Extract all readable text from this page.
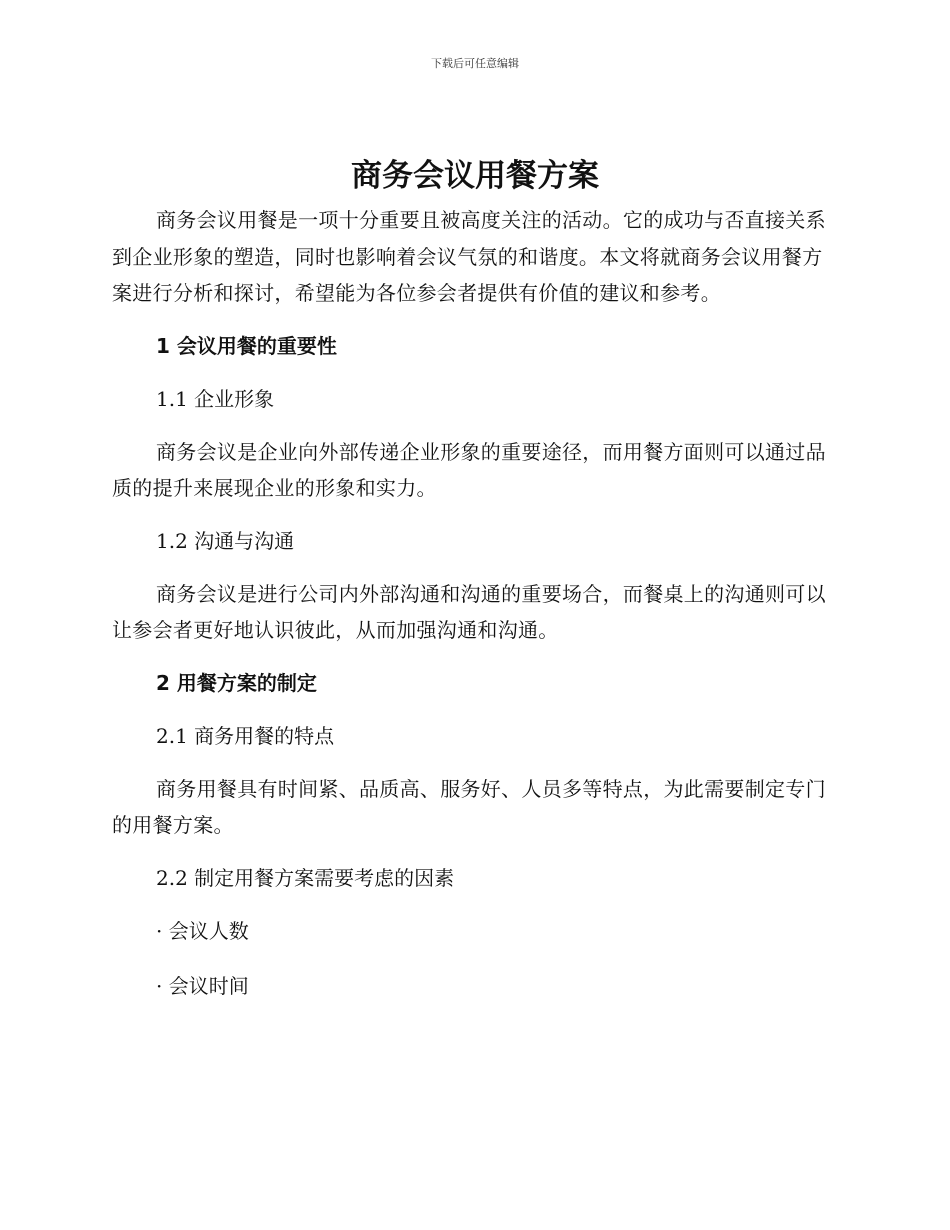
下载后可任意编辑
商务会议用餐方案

商务会议用餐是一项十分重要且被高度关注的活动。它的成功与否直接关系到企业形象的塑造，同时也影响着会议气氛的和谐度。本文将就商务会议用餐方案进行分析和探讨，希望能为各位参会者提供有价值的建议和参考。

1 会议用餐的重要性
1.1 企业形象

商务会议是企业向外部传递企业形象的重要途径，而用餐方面则可以通过品质的提升来展现企业的形象和实力。

1.2 沟通与沟通

商务会议是进行公司内外部沟通和沟通的重要场合，而餐桌上的沟通则可以让参会者更好地认识彼此，从而加强沟通和沟通。

2 用餐方案的制定
2.1 商务用餐的特点

商务用餐具有时间紧、品质高、服务好、人员多等特点，为此需要制定专门的用餐方案。

2.2 制定用餐方案需要考虑的因素
· 会议人数
· 会议时间
